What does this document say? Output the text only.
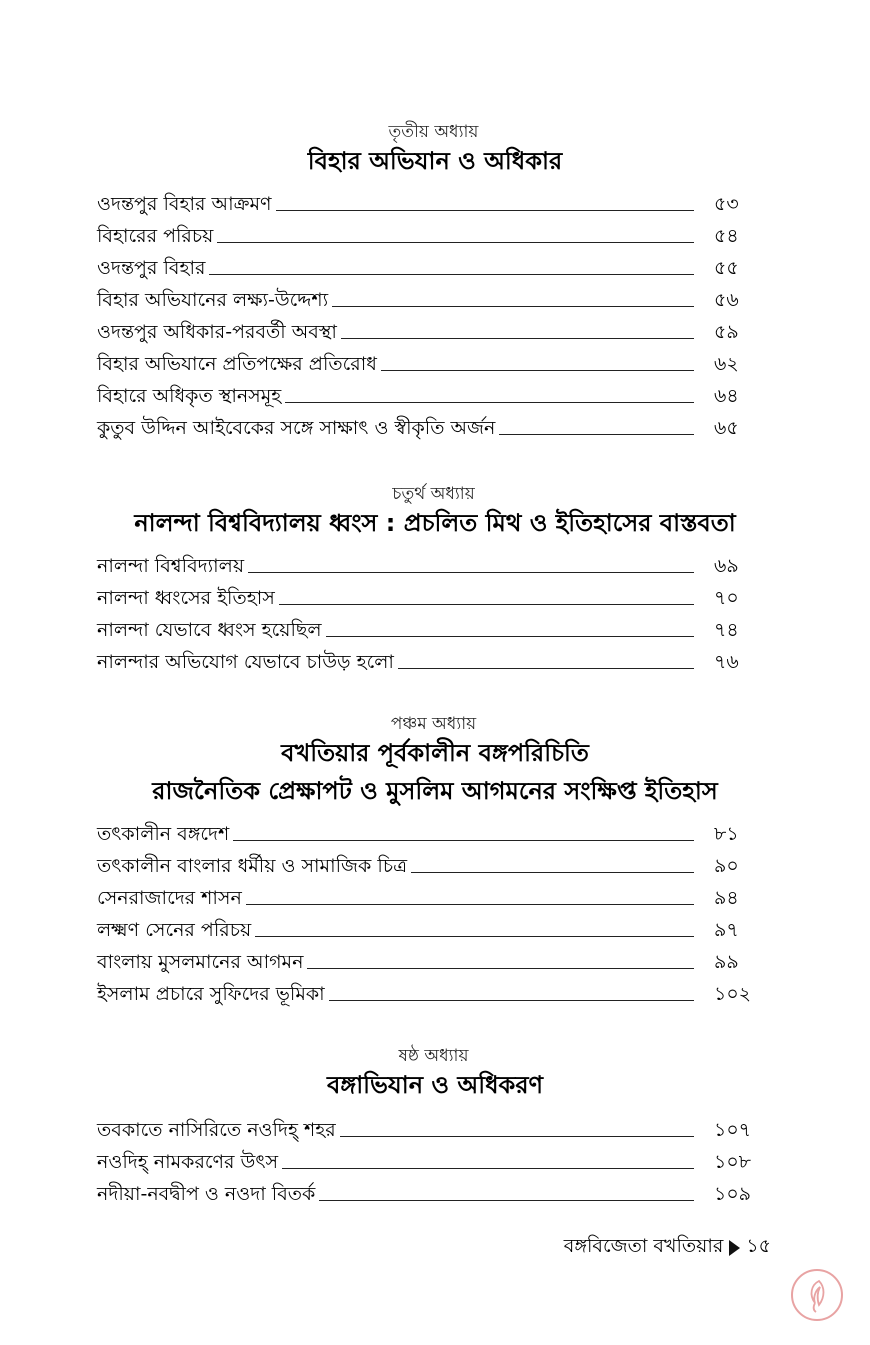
তৃতীয় অধ্যায়
বিহার অভিযান ও অধিকার
ওদন্তপুর বিহার আক্রমণ	৫৩
বিহারের পরিচয়	৫৪
ওদন্তপুর বিহার	৫৫
বিহার অভিযানের লক্ষ্য-উদ্দেশ্য	৫৬
ওদন্তপুর অধিকার-পরবর্তী অবস্থা	৫৯
বিহার অভিযানে প্রতিপক্ষের প্রতিরোধ	৬২
বিহারে অধিকৃত স্থানসমূহ	৬৪
কুতুব উদ্দিন আইবেকের সঙ্গে সাক্ষাৎ ও স্বীকৃতি অর্জন	৬৫
চতুর্থ অধ্যায়
নালন্দা বিশ্ববিদ্যালয় ধ্বংস : প্রচলিত মিথ ও ইতিহাসের বাস্তবতা
নালন্দা বিশ্ববিদ্যালয়	৬৯
নালন্দা ধ্বংসের ইতিহাস	৭০
নালন্দা যেভাবে ধ্বংস হয়েছিল	৭৪
নালন্দার অভিযোগ যেভাবে চাউড় হলো	৭৬
পঞ্চম অধ্যায়
বখতিয়ার পূর্বকালীন বঙ্গপরিচিতি
রাজনৈতিক প্রেক্ষাপট ও মুসলিম আগমনের সংক্ষিপ্ত ইতিহাস
তৎকালীন বঙ্গদেশ	৮১
তৎকালীন বাংলার ধর্মীয় ও সামাজিক চিত্র	৯০
সেনরাজাদের শাসন	৯৪
লক্ষ্মণ সেনের পরিচয়	৯৭
বাংলায় মুসলমানের আগমন	৯৯
ইসলাম প্রচারে সুফিদের ভূমিকা	১০২
ষষ্ঠ অধ্যায়
বঙ্গাভিযান ও অধিকরণ
তবকাতে নাসিরিতে নওদিহ্ শহর	১০৭
নওদিহ্ নামকরণের উৎস	১০৮
নদীয়া-নবদ্বীপ ও নওদা বিতর্ক	১০৯
বঙ্গবিজেতা বখতিয়ার ১৫
